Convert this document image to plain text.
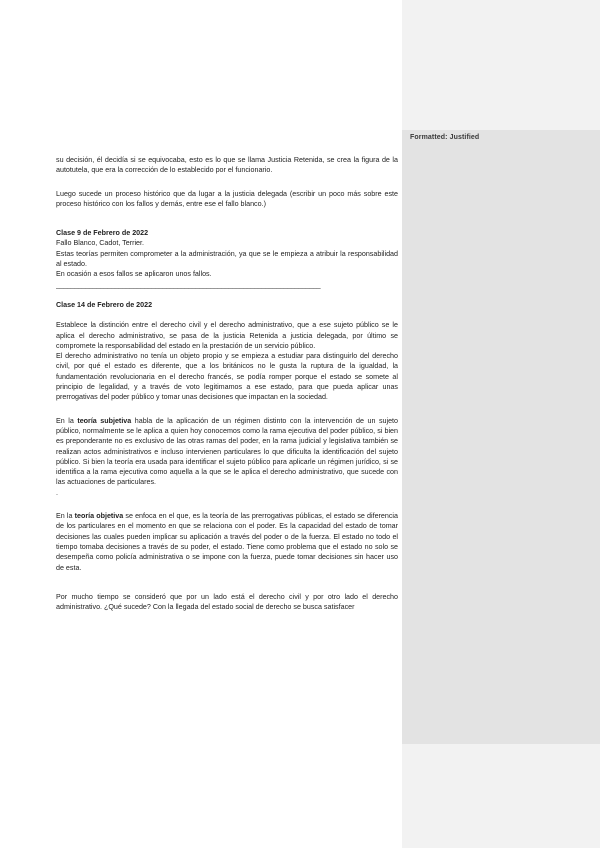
Formatted: Justified

su decisión, él decidía si se equivocaba, esto es lo que se llama Justicia Retenida, se crea la figura de la autotutela, que era la corrección de lo establecido por el funcionario.

Luego sucede un proceso histórico que da lugar a la justicia delegada (escribir un poco más sobre este proceso histórico con los fallos y demás, entre ese el fallo blanco.)

Clase 9 de Febrero de 2022

Fallo Blanco, Cadot, Terrier.

Estas teorías permiten comprometer a la administración, ya que se le empieza a atribuir la responsabilidad al estado.

En ocasión a esos fallos se aplicaron unos fallos.

________________________________________________________________________

Clase 14 de Febrero de 2022

Establece la distinción entre el derecho civil y el derecho administrativo, que a ese sujeto público se le aplica el derecho administrativo, se pasa de la justicia Retenida a justicia delegada, por último se compromete la responsabilidad del estado en la prestación de un servicio público.

El derecho administrativo no tenía un objeto propio y se empieza a estudiar para distinguirlo del derecho civil, por qué el estado es diferente, que a los británicos no le gusta la ruptura de la igualdad, la fundamentación revolucionaria en el derecho francés, se podía romper porque el estado se somete al principio de legalidad, y a través de voto legitimamos a ese estado, para que pueda aplicar unas prerrogativas del poder público y tomar unas decisiones que impactan en la sociedad.

En la teoría subjetiva habla de la aplicación de un régimen distinto con la intervención de un sujeto público, normalmente se le aplica a quien hoy conocemos como la rama ejecutiva del poder público, si bien es preponderante no es exclusivo de las otras ramas del poder, en la rama judicial y legislativa también se realizan actos administrativos e incluso intervienen particulares lo que dificulta la identificación del sujeto público. Si bien la teoría era usada para identificar el sujeto público para aplicarle un régimen jurídico, si se identifica a la rama ejecutiva como aquella a la que se le aplica el derecho administrativo, que sucede con las actuaciones de particulares.

.

En la teoría objetiva se enfoca en el que, es la teoría de las prerrogativas públicas, el estado se diferencia de los particulares en el momento en que se relaciona con el poder. Es la capacidad del estado de tomar decisiones las cuales pueden implicar su aplicación a través del poder o de la fuerza. El estado no todo el tiempo tomaba decisiones a través de su poder, el estado. Tiene como problema que el estado no solo se desempeña como policía administrativa o se impone con la fuerza, puede tomar decisiones sin hacer uso de esta.

Por mucho tiempo se consideró que por un lado está el derecho civil y por otro lado el derecho administrativo. ¿Qué sucede? Con la llegada del estado social de derecho se busca satisfacer
